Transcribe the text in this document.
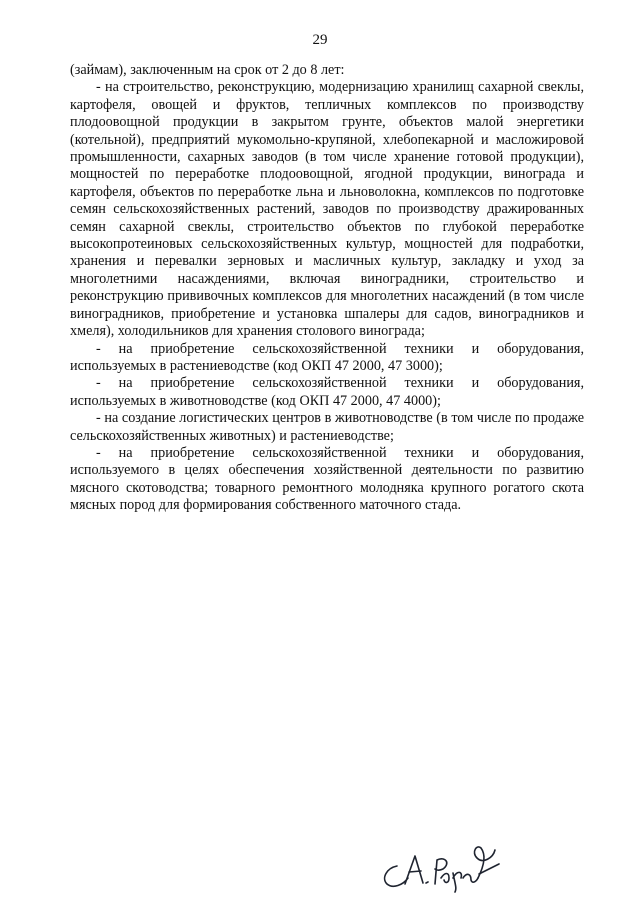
29

(займам), заключенным на срок от 2 до 8 лет:

- на строительство, реконструкцию, модернизацию хранилищ сахарной свеклы, картофеля, овощей и фруктов, тепличных комплексов по производству плодоовощной продукции в закрытом грунте, объектов малой энергетики (котельной), предприятий мукомольно-крупяной, хлебопекарной и масложировой промышленности, сахарных заводов (в том числе хранение готовой продукции), мощностей по переработке плодоовощной, ягодной продукции, винограда и картофеля, объектов по переработке льна и льноволокна, комплексов по подготовке семян сельскохозяйственных растений, заводов по производству дражированных семян сахарной свеклы, строительство объектов по глубокой переработке высокопротеиновых сельскохозяйственных культур, мощностей для подработки, хранения и перевалки зерновых и масличных культур, закладку и уход за многолетними насаждениями, включая виноградники, строительство и реконструкцию прививочных комплексов для многолетних насаждений (в том числе виноградников, приобретение и установка шпалеры для садов, виноградников и хмеля), холодильников для хранения столового винограда;

- на приобретение сельскохозяйственной техники и оборудования, используемых в растениеводстве (код ОКП 47 2000, 47 3000);

- на приобретение сельскохозяйственной техники и оборудования, используемых в животноводстве (код ОКП 47 2000, 47 4000);

- на создание логистических центров в животноводстве (в том числе по продаже сельскохозяйственных животных) и растениеводстве;

- на приобретение сельскохозяйственной техники и оборудования, используемого в целях обеспечения хозяйственной деятельности по развитию мясного скотоводства; товарного ремонтного молодняка крупного рогатого скота мясных пород для формирования собственного маточного стада.
